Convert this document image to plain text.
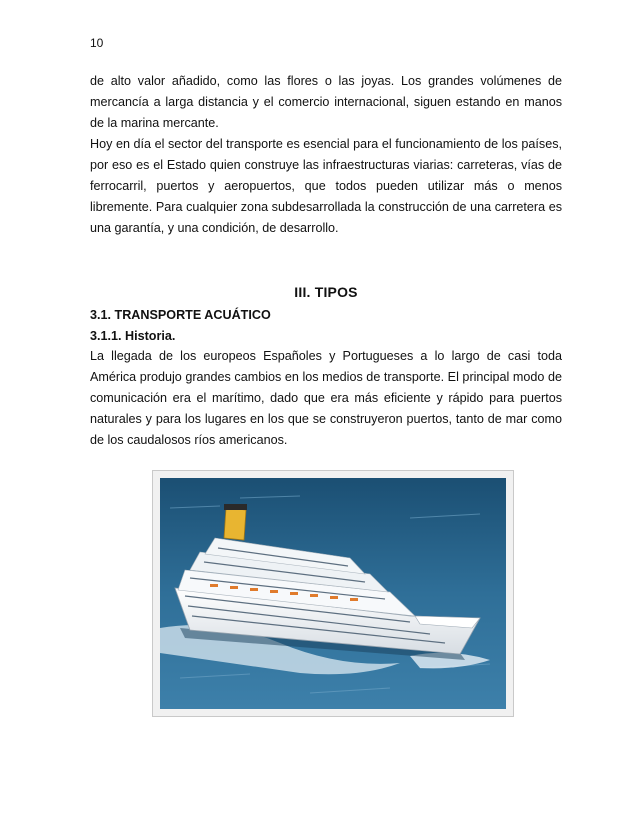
10

de alto valor añadido, como las flores o las joyas. Los grandes volúmenes de mercancía a larga distancia y el comercio internacional, siguen estando en manos de la marina mercante.

Hoy en día el sector del transporte es esencial para el funcionamiento de los países, por eso es el Estado quien construye las infraestructuras viarias: carreteras, vías de ferrocarril, puertos y aeropuertos, que todos pueden utilizar más o menos libremente. Para cualquier zona subdesarrollada la construcción de una carretera es una garantía, y una condición, de desarrollo.

III. TIPOS
3.1. TRANSPORTE ACUÁTICO
3.1.1. Historia.

La llegada de los europeos Españoles y Portugueses a lo largo de casi toda América produjo grandes cambios en los medios de transporte. El principal modo de comunicación era el marítimo, dado que era más eficiente y rápido para puertos naturales y para los lugares en los que se construyeron puertos, tanto de mar como de los caudalosos ríos americanos.
